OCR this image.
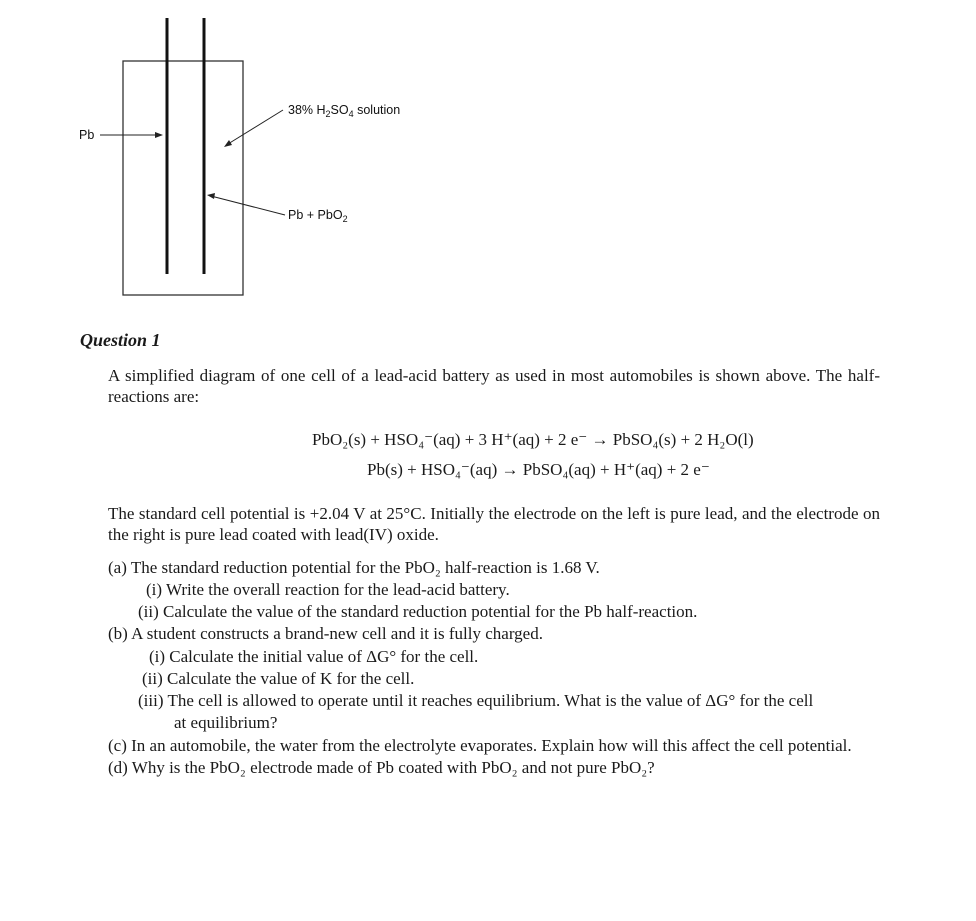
Pb
38% $H_2SO_4$ solution
Pb + PbO$_2$
Question 1
A simplified diagram of one cell of a lead-acid battery as used in most automobiles is shown above. The half-reactions are:
PbO₂(s) + HSO₄⁻(aq) + 3 H⁺(aq) + 2 e⁻ → PbSO₄(s) + 2 H₂O(l)
Pb(s) + HSO₄⁻(aq) → PbSO₄(aq) + H⁺(aq) + 2 e⁻
The standard cell potential is +2.04 V at 25°C. Initially the electrode on the left is pure lead, and the electrode on the right is pure lead coated with lead(IV) oxide.
(a) The standard reduction potential for the PbO₂ half-reaction is 1.68 V.
(i) Write the overall reaction for the lead-acid battery.
(ii) Calculate the value of the standard reduction potential for the Pb half-reaction.
(b) A student constructs a brand-new cell and it is fully charged.
(i) Calculate the initial value of ΔG° for the cell.
(ii) Calculate the value of K for the cell.
(iii) The cell is allowed to operate until it reaches equilibrium. What is the value of ΔG° for the cell
at equilibrium?
(c) In an automobile, the water from the electrolyte evaporates. Explain how will this affect the cell potential.
(d) Why is the PbO₂ electrode made of Pb coated with PbO₂ and not pure PbO₂?
